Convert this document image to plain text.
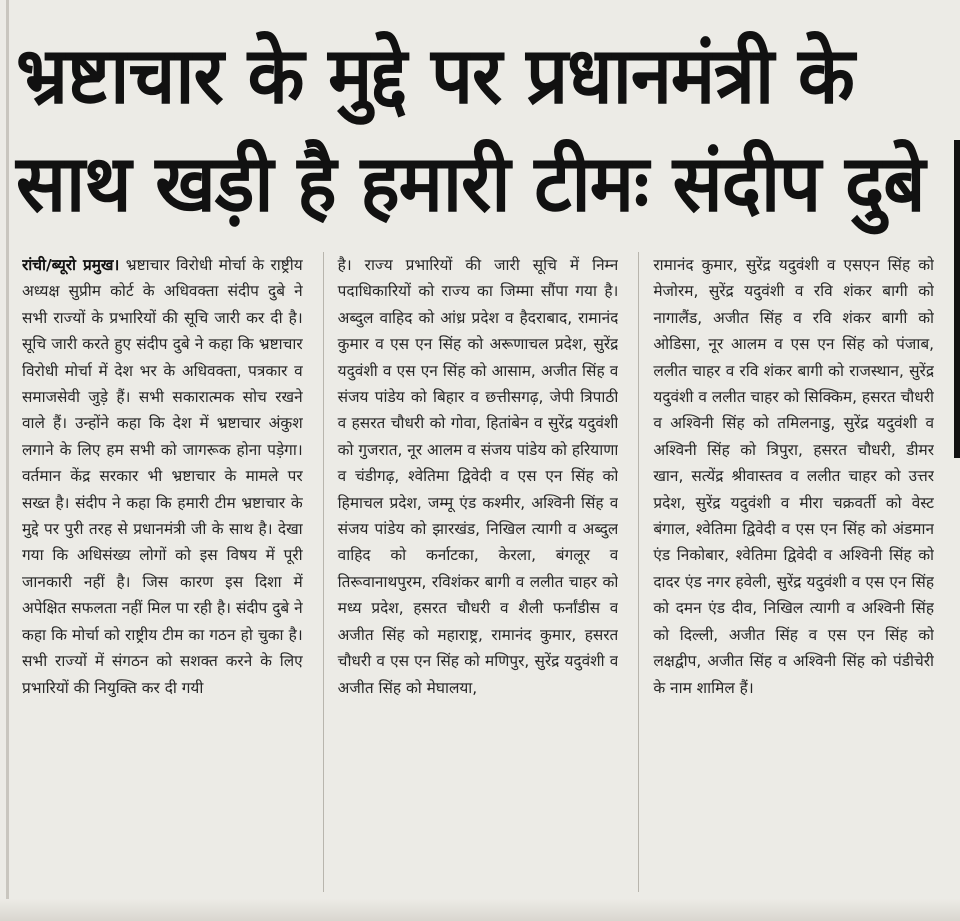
भ्रष्टाचार के मुद्दे पर प्रधानमंत्री के
साथ खड़ी है हमारी टीमः संदीप दुबे

रांची/ब्यूरो प्रमुख। भ्रष्टाचार विरोधी मोर्चा के राष्ट्रीय अध्यक्ष सुप्रीम कोर्ट के अधिवक्ता संदीप दुबे ने सभी राज्यों के प्रभारियों की सूचि जारी कर दी है। सूचि जारी करते हुए संदीप दुबे ने कहा कि भ्रष्टाचार विरोधी मोर्चा में देश भर के अधिवक्ता, पत्रकार व समाजसेवी जुड़े हैं। सभी सकारात्मक सोच रखने वाले हैं। उन्होंने कहा कि देश में भ्रष्टाचार अंकुश लगाने के लिए हम सभी को जागरूक होना पड़ेगा। वर्तमान केंद्र सरकार भी भ्रष्टाचार के मामले पर सख्त है। संदीप ने कहा कि हमारी टीम भ्रष्टाचार के मुद्दे पर पुरी तरह से प्रधानमंत्री जी के साथ है। देखा गया कि अधिसंख्य लोगों को इस विषय में पूरी जानकारी नहीं है। जिस कारण इस दिशा में अपेक्षित सफलता नहीं मिल पा रही है। संदीप दुबे ने कहा कि मोर्चा को राष्ट्रीय टीम का गठन हो चुका है। सभी राज्यों में संगठन को सशक्त करने के लिए प्रभारियों की नियुक्ति कर दी गयी

है। राज्य प्रभारियों की जारी सूचि में निम्न पदाधिकारियों को राज्य का जिम्मा सौंपा गया है। अब्दुल वाहिद को आंध्र प्रदेश व हैदराबाद, रामानंद कुमार व एस एन सिंह को अरूणाचल प्रदेश, सुरेंद्र यदुवंशी व एस एन सिंह को आसाम, अजीत सिंह व संजय पांडेय को बिहार व छत्तीसगढ़, जेपी त्रिपाठी व हसरत चौधरी को गोवा, हितांबेन व सुरेंद्र यदुवंशी को गुजरात, नूर आलम व संजय पांडेय को हरियाणा व चंडीगढ़, श्वेतिमा द्विवेदी व एस एन सिंह को हिमाचल प्रदेश, जम्मू एंड कश्मीर, अश्विनी सिंह व संजय पांडेय को झारखंड, निखिल त्यागी व अब्दुल वाहिद को कर्नाटका, केरला, बंगलूर व तिरूवानाथपुरम, रविशंकर बागी व ललीत चाहर को मध्य प्रदेश, हसरत चौधरी व शैली फर्नांडीस व अजीत सिंह को महाराष्ट्र, रामानंद कुमार, हसरत चौधरी व एस एन सिंह को मणिपुर, सुरेंद्र यदुवंशी व अजीत सिंह को मेघालया,

रामानंद कुमार, सुरेंद्र यदुवंशी व एसएन सिंह को मेजोरम, सुरेंद्र यदुवंशी व रवि शंकर बागी को नागालैंड, अजीत सिंह व रवि शंकर बागी को ओडिसा, नूर आलम व एस एन सिंह को पंजाब, ललीत चाहर व रवि शंकर बागी को राजस्थान, सुरेंद्र यदुवंशी व ललीत चाहर को सिक्किम, हसरत चौधरी व अश्विनी सिंह को तमिलनाडु, सुरेंद्र यदुवंशी व अश्विनी सिंह को त्रिपुरा, हसरत चौधरी, डीमर खान, सत्येंद्र श्रीवास्तव व ललीत चाहर को उत्तर प्रदेश, सुरेंद्र यदुवंशी व मीरा चक्रवर्ती को वेस्ट बंगाल, श्वेतिमा द्विवेदी व एस एन सिंह को अंडमान एंड निकोबार, श्वेतिमा द्विवेदी व अश्विनी सिंह को दादर एंड नगर हवेली, सुरेंद्र यदुवंशी व एस एन सिंह को दमन एंड दीव, निखिल त्यागी व अश्विनी सिंह को दिल्ली, अजीत सिंह व एस एन सिंह को लक्षद्वीप, अजीत सिंह व अश्विनी सिंह को पंडीचेरी के नाम शामिल हैं।
